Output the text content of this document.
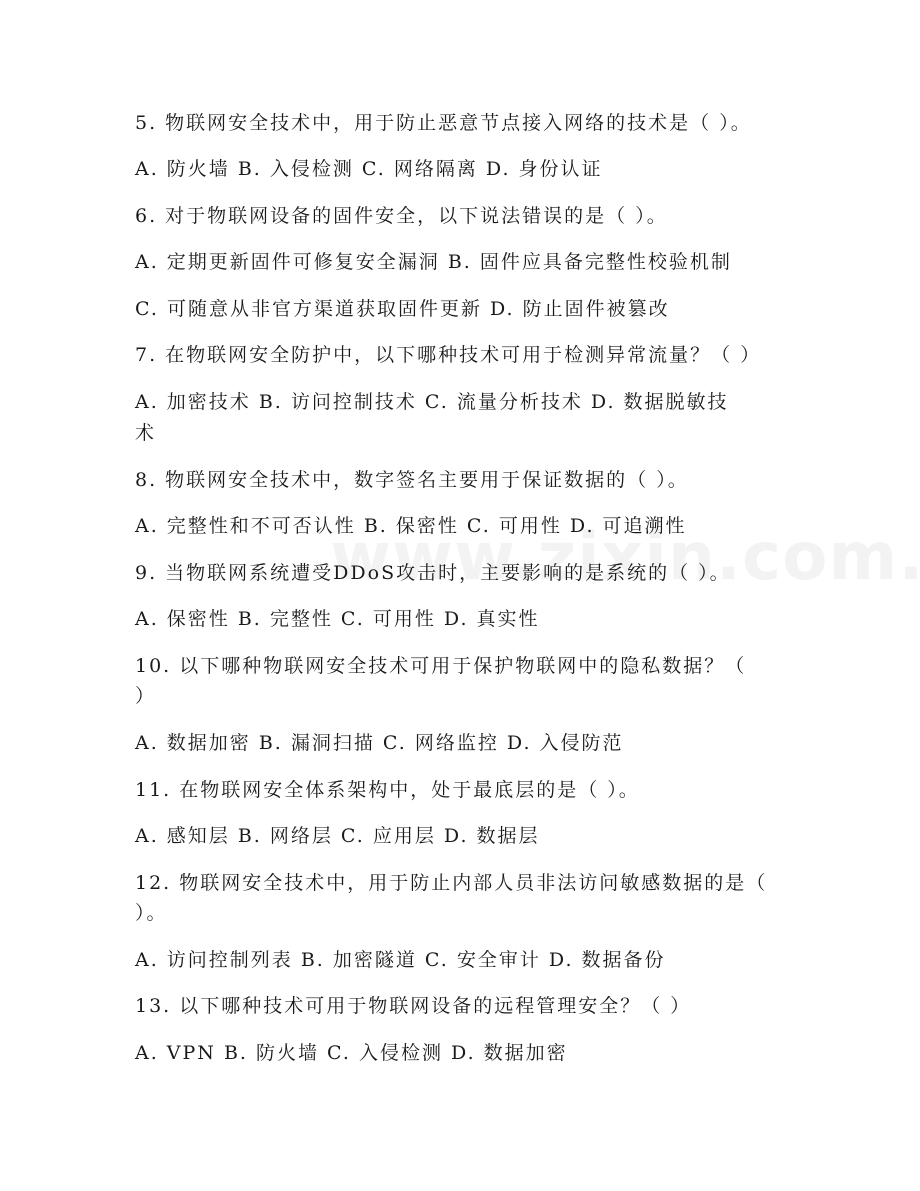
5. 物联网安全技术中，用于防止恶意节点接入网络的技术是（ ）。
A. 防火墙 B. 入侵检测 C. 网络隔离 D. 身份认证
6. 对于物联网设备的固件安全，以下说法错误的是（ ）。
A. 定期更新固件可修复安全漏洞 B. 固件应具备完整性校验机制
C. 可随意从非官方渠道获取固件更新 D. 防止固件被篡改
7. 在物联网安全防护中，以下哪种技术可用于检测异常流量？（ ）
A. 加密技术 B. 访问控制技术 C. 流量分析技术 D. 数据脱敏技
术
8. 物联网安全技术中，数字签名主要用于保证数据的（ ）。
A. 完整性和不可否认性 B. 保密性 C. 可用性 D. 可追溯性
9. 当物联网系统遭受DDoS攻击时，主要影响的是系统的（ ）。
A. 保密性 B. 完整性 C. 可用性 D. 真实性
10. 以下哪种物联网安全技术可用于保护物联网中的隐私数据？（
）
A. 数据加密 B. 漏洞扫描 C. 网络监控 D. 入侵防范
11. 在物联网安全体系架构中，处于最底层的是（ ）。
A. 感知层 B. 网络层 C. 应用层 D. 数据层
12. 物联网安全技术中，用于防止内部人员非法访问敏感数据的是（
）。
A. 访问控制列表 B. 加密隧道 C. 安全审计 D. 数据备份
13. 以下哪种技术可用于物联网设备的远程管理安全？（ ）
A. VPN B. 防火墙 C. 入侵检测 D. 数据加密
